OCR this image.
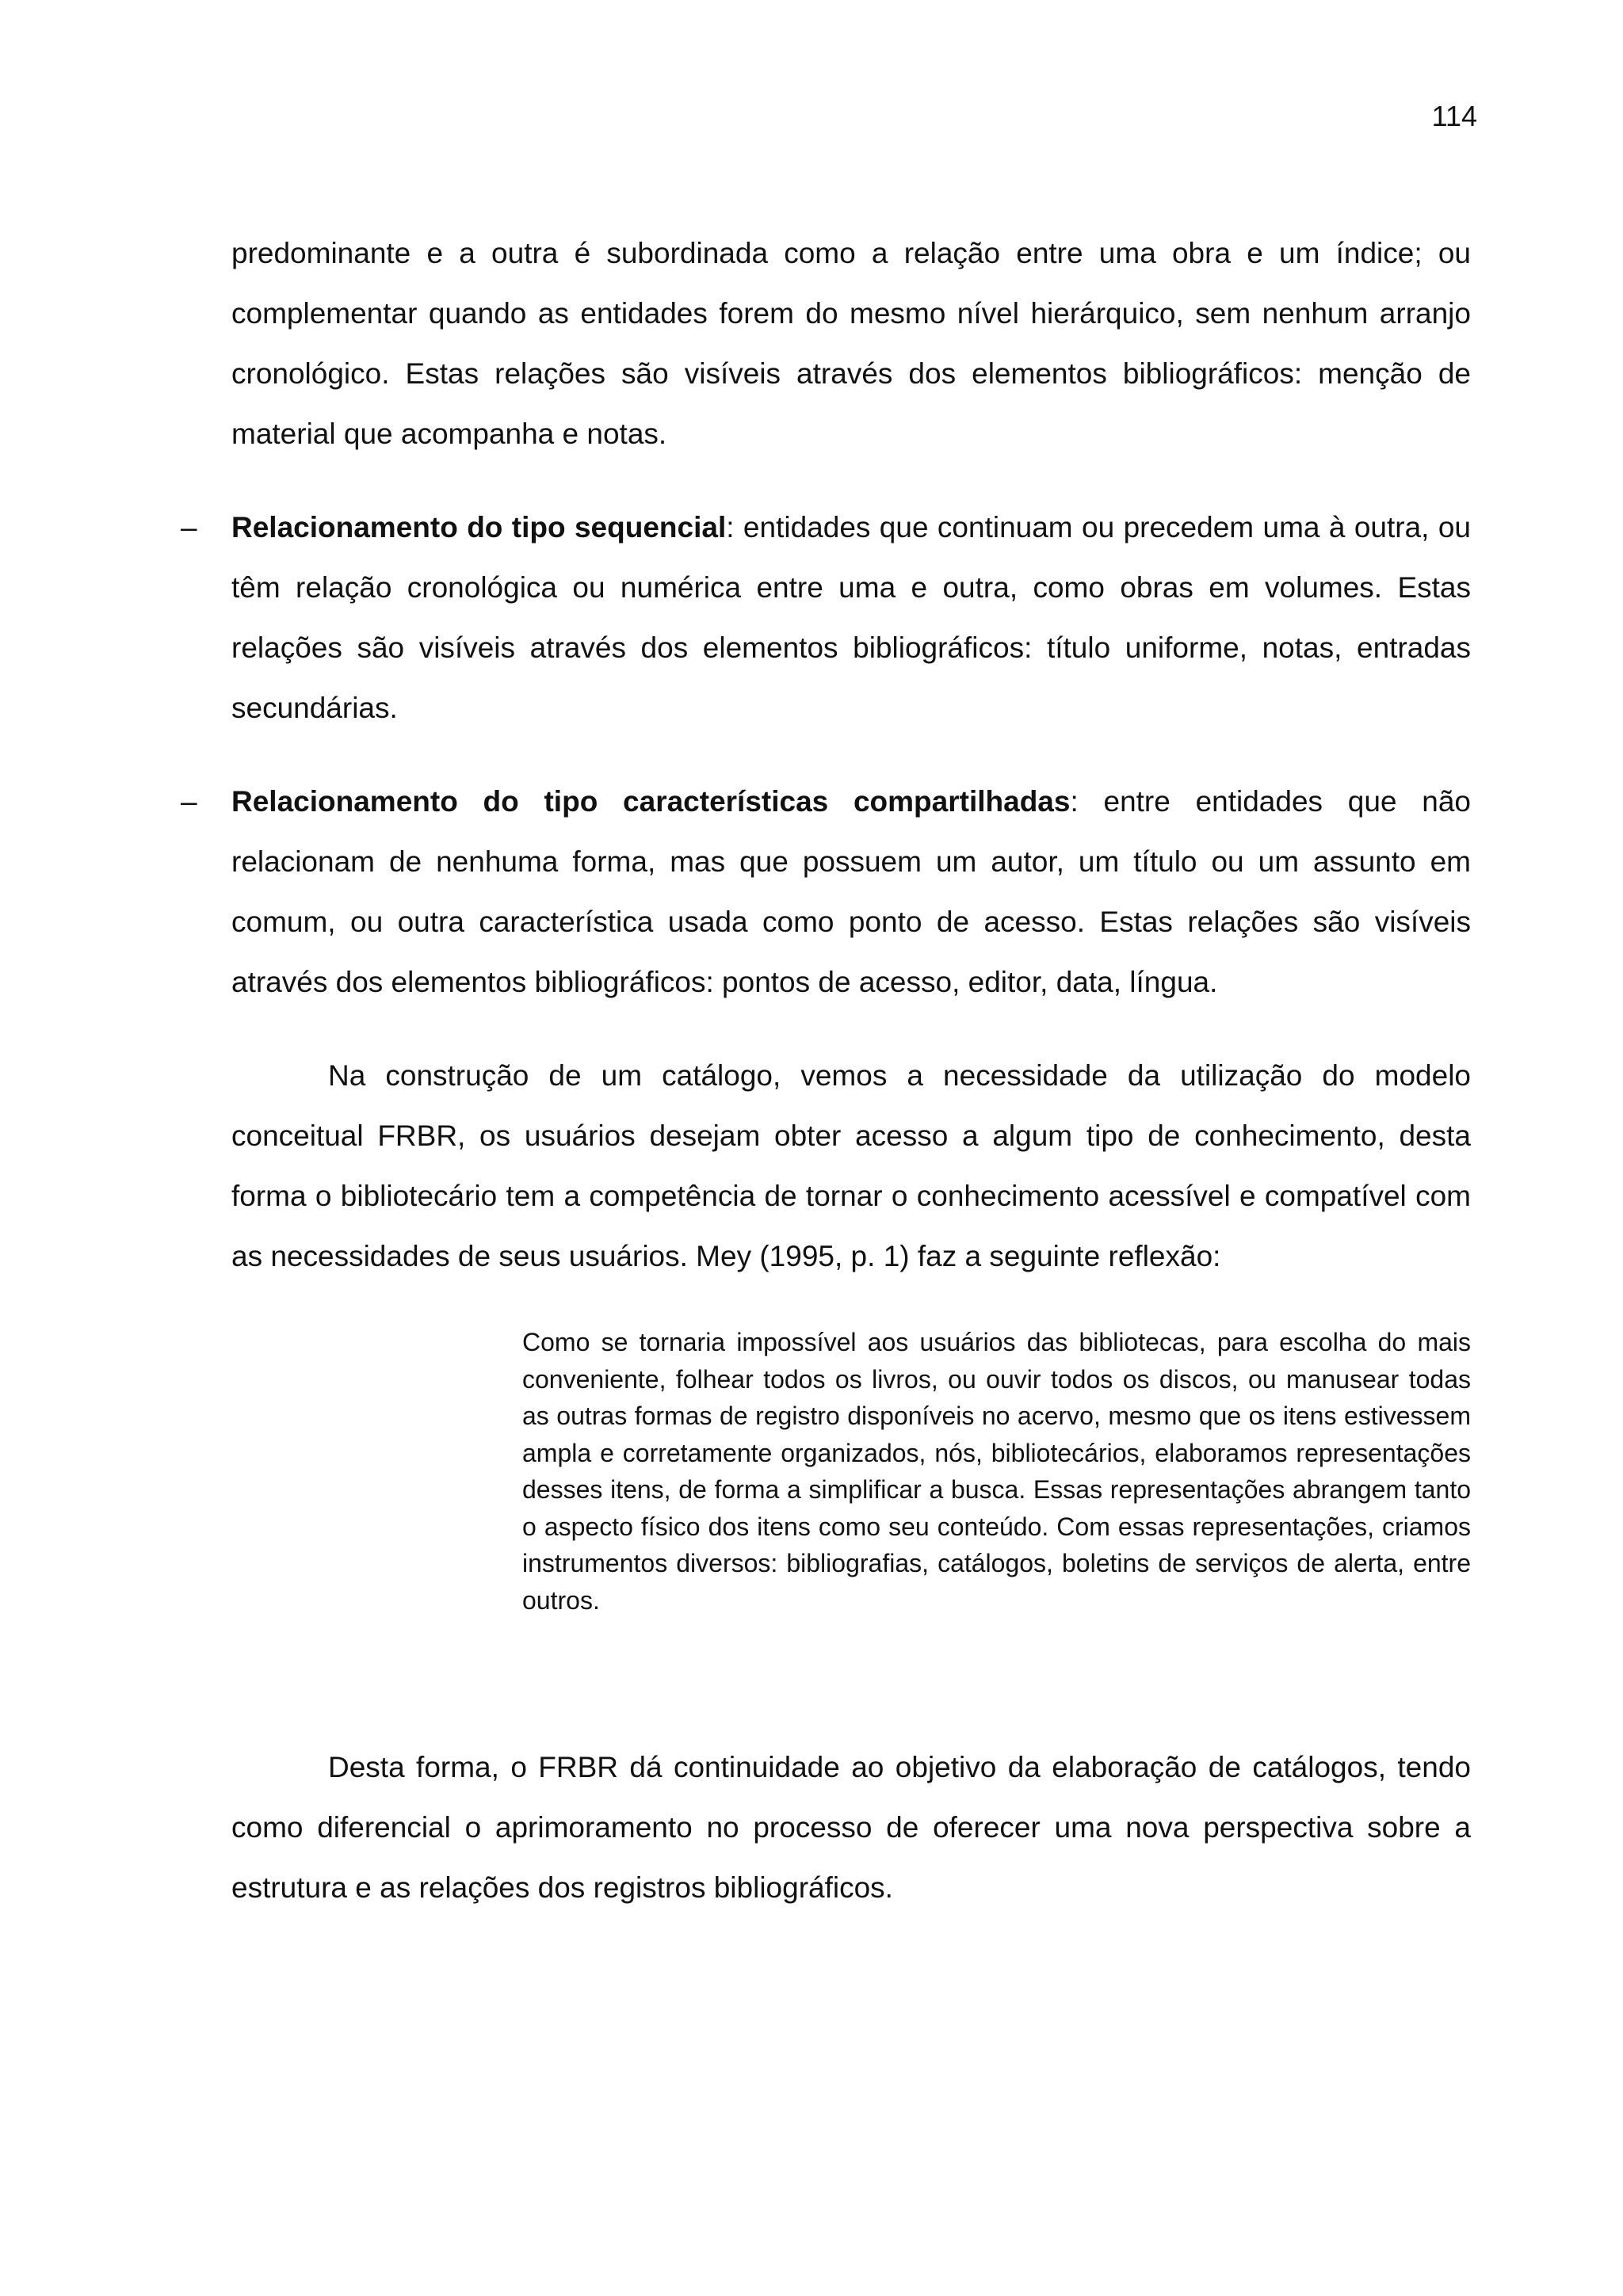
114

predominante e a outra é subordinada como a relação entre uma obra e um índice; ou complementar quando as entidades forem do mesmo nível hierárquico, sem nenhum arranjo cronológico. Estas relações são visíveis através dos elementos bibliográficos: menção de material que acompanha e notas.

– Relacionamento do tipo sequencial: entidades que continuam ou precedem uma à outra, ou têm relação cronológica ou numérica entre uma e outra, como obras em volumes. Estas relações são visíveis através dos elementos bibliográficos: título uniforme, notas, entradas secundárias.

– Relacionamento do tipo características compartilhadas: entre entidades que não relacionam de nenhuma forma, mas que possuem um autor, um título ou um assunto em comum, ou outra característica usada como ponto de acesso. Estas relações são visíveis através dos elementos bibliográficos: pontos de acesso, editor, data, língua.

Na construção de um catálogo, vemos a necessidade da utilização do modelo conceitual FRBR, os usuários desejam obter acesso a algum tipo de conhecimento, desta forma o bibliotecário tem a competência de tornar o conhecimento acessível e compatível com as necessidades de seus usuários. Mey (1995, p. 1) faz a seguinte reflexão:

Como se tornaria impossível aos usuários das bibliotecas, para escolha do mais conveniente, folhear todos os livros, ou ouvir todos os discos, ou manusear todas as outras formas de registro disponíveis no acervo, mesmo que os itens estivessem ampla e corretamente organizados, nós, bibliotecários, elaboramos representações desses itens, de forma a simplificar a busca. Essas representações abrangem tanto o aspecto físico dos itens como seu conteúdo. Com essas representações, criamos instrumentos diversos: bibliografias, catálogos, boletins de serviços de alerta, entre outros.

Desta forma, o FRBR dá continuidade ao objetivo da elaboração de catálogos, tendo como diferencial o aprimoramento no processo de oferecer uma nova perspectiva sobre a estrutura e as relações dos registros bibliográficos.
